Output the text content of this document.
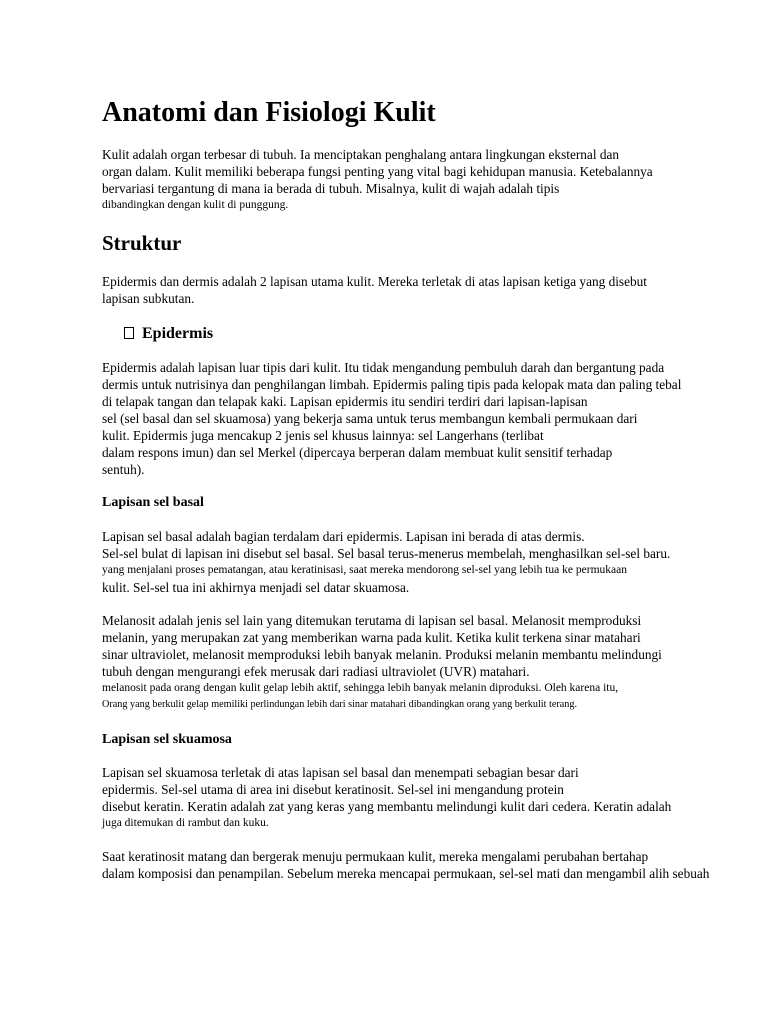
Anatomi dan Fisiologi Kulit

Kulit adalah organ terbesar di tubuh. Ia menciptakan penghalang antara lingkungan eksternal dan

organ dalam. Kulit memiliki beberapa fungsi penting yang vital bagi kehidupan manusia. Ketebalannya

bervariasi tergantung di mana ia berada di tubuh. Misalnya, kulit di wajah adalah tipis

dibandingkan dengan kulit di punggung.

Struktur

Epidermis dan dermis adalah 2 lapisan utama kulit. Mereka terletak di atas lapisan ketiga yang disebut

lapisan subkutan.

Epidermis

Epidermis adalah lapisan luar tipis dari kulit. Itu tidak mengandung pembuluh darah dan bergantung pada

dermis untuk nutrisinya dan penghilangan limbah. Epidermis paling tipis pada kelopak mata dan paling tebal

di telapak tangan dan telapak kaki. Lapisan epidermis itu sendiri terdiri dari lapisan-lapisan

sel (sel basal dan sel skuamosa) yang bekerja sama untuk terus membangun kembali permukaan dari

kulit. Epidermis juga mencakup 2 jenis sel khusus lainnya: sel Langerhans (terlibat

dalam respons imun) dan sel Merkel (dipercaya berperan dalam membuat kulit sensitif terhadap

sentuh).

Lapisan sel basal

Lapisan sel basal adalah bagian terdalam dari epidermis. Lapisan ini berada di atas dermis.

Sel-sel bulat di lapisan ini disebut sel basal. Sel basal terus-menerus membelah, menghasilkan sel-sel baru.

yang menjalani proses pematangan, atau keratinisasi, saat mereka mendorong sel-sel yang lebih tua ke permukaan

kulit. Sel-sel tua ini akhirnya menjadi sel datar skuamosa.

Melanosit adalah jenis sel lain yang ditemukan terutama di lapisan sel basal. Melanosit memproduksi

melanin, yang merupakan zat yang memberikan warna pada kulit. Ketika kulit terkena sinar matahari

sinar ultraviolet, melanosit memproduksi lebih banyak melanin. Produksi melanin membantu melindungi

tubuh dengan mengurangi efek merusak dari radiasi ultraviolet (UVR) matahari.

melanosit pada orang dengan kulit gelap lebih aktif, sehingga lebih banyak melanin diproduksi. Oleh karena itu,

Orang yang berkulit gelap memiliki perlindungan lebih dari sinar matahari dibandingkan orang yang berkulit terang.

Lapisan sel skuamosa

Lapisan sel skuamosa terletak di atas lapisan sel basal dan menempati sebagian besar dari

epidermis. Sel-sel utama di area ini disebut keratinosit. Sel-sel ini mengandung protein

disebut keratin. Keratin adalah zat yang keras yang membantu melindungi kulit dari cedera. Keratin adalah

juga ditemukan di rambut dan kuku.

Saat keratinosit matang dan bergerak menuju permukaan kulit, mereka mengalami perubahan bertahap

dalam komposisi dan penampilan. Sebelum mereka mencapai permukaan, sel-sel mati dan mengambil alih sebuah
